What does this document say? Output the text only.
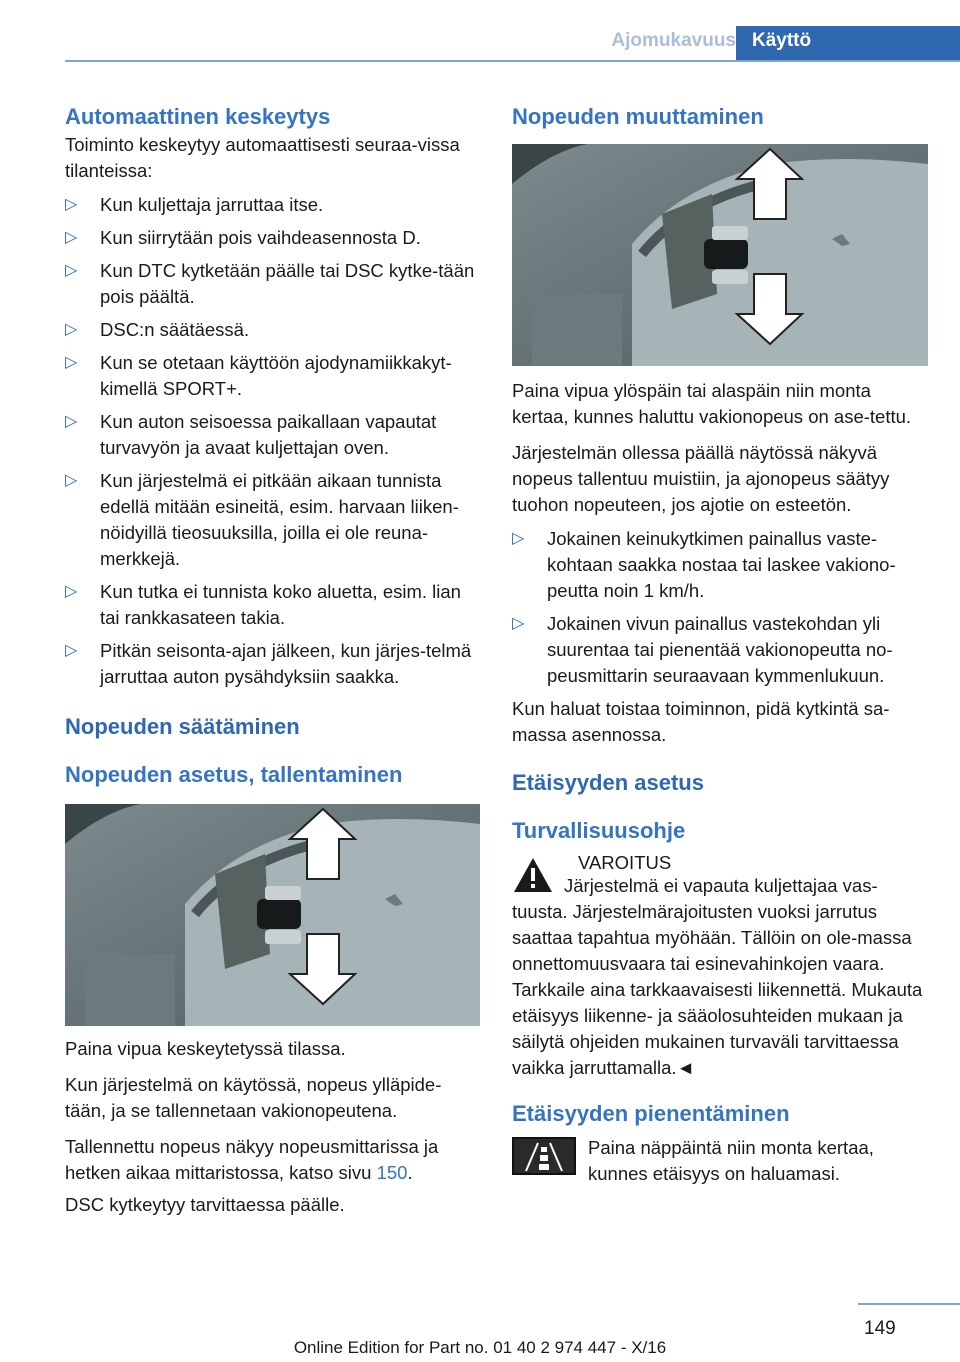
Ajomukavuus Käyttö
Automaattinen keskeytys

Toiminto keskeytyy automaattisesti seuraa-vissa tilanteissa:

▷ Kun kuljettaja jarruttaa itse.
▷ Kun siirrytään pois vaihdeasennosta D.
▷ Kun DTC kytketään päälle tai DSC kytke-tään pois päältä.
▷ DSC:n säätäessä.
▷ Kun se otetaan käyttöön ajodynamiikkakyt-kimellä SPORT+.
▷ Kun auton seisoessa paikallaan vapautat turvavyön ja avaat kuljettajan oven.
▷ Kun järjestelmä ei pitkään aikaan tunnista edellä mitään esineitä, esim. harvaan liiken-nöidyillä tieosuuksilla, joilla ei ole reuna-merkkejä.
▷ Kun tutka ei tunnista koko aluetta, esim. lian tai rankkasateen takia.
▷ Pitkän seisonta-ajan jälkeen, kun järjes-telmä jarruttaa auton pysähdyksiin saakka.
Nopeuden säätäminen
Nopeuden asetus, tallentaminen

Paina vipua keskeytetyssä tilassa.

Kun järjestelmä on käytössä, nopeus ylläpide-tään, ja se tallennetaan vakionopeutena.

Tallennettu nopeus näkyy nopeusmittarissa ja hetken aikaa mittaristossa, katso sivu 150.

DSC kytkeytyy tarvittaessa päälle.

Nopeuden muuttaminen

Paina vipua ylöspäin tai alaspäin niin monta kertaa, kunnes haluttu vakionopeus on ase-tettu.

Järjestelmän ollessa päällä näytössä näkyvä nopeus tallentuu muistiin, ja ajonopeus säätyy tuohon nopeuteen, jos ajotie on esteetön.

▷ Jokainen keinukytkimen painallus vaste-kohtaan saakka nostaa tai laskee vakiono-peutta noin 1 km/h.
▷ Jokainen vivun painallus vastekohdan yli suurentaa tai pienentää vakionopeutta no-peusmittarin seuraavaan kymmenlukuun.

Kun haluat toistaa toiminnon, pidä kytkintä sa-massa asennossa.

Etäisyyden asetus
Turvallisuusohje

VAROITUS

Järjestelmä ei vapauta kuljettajaa vas-tuusta. Järjestelmärajoitusten vuoksi jarrutus saattaa tapahtua myöhään. Tällöin on ole-massa onnettomuusvaara tai esinevahinkojen vaara. Tarkkaile aina tarkkaavaisesti liikennettä. Mukauta etäisyys liikenne- ja sääolosuhteiden mukaan ja säilytä ohjeiden mukainen turvaväli tarvittaessa vaikka jarruttamalla.◄

Etäisyyden pienentäminen

Paina näppäintä niin monta kertaa, kunnes etäisyys on haluamasi.

149
Online Edition for Part no. 01 40 2 974 447 - X/16
